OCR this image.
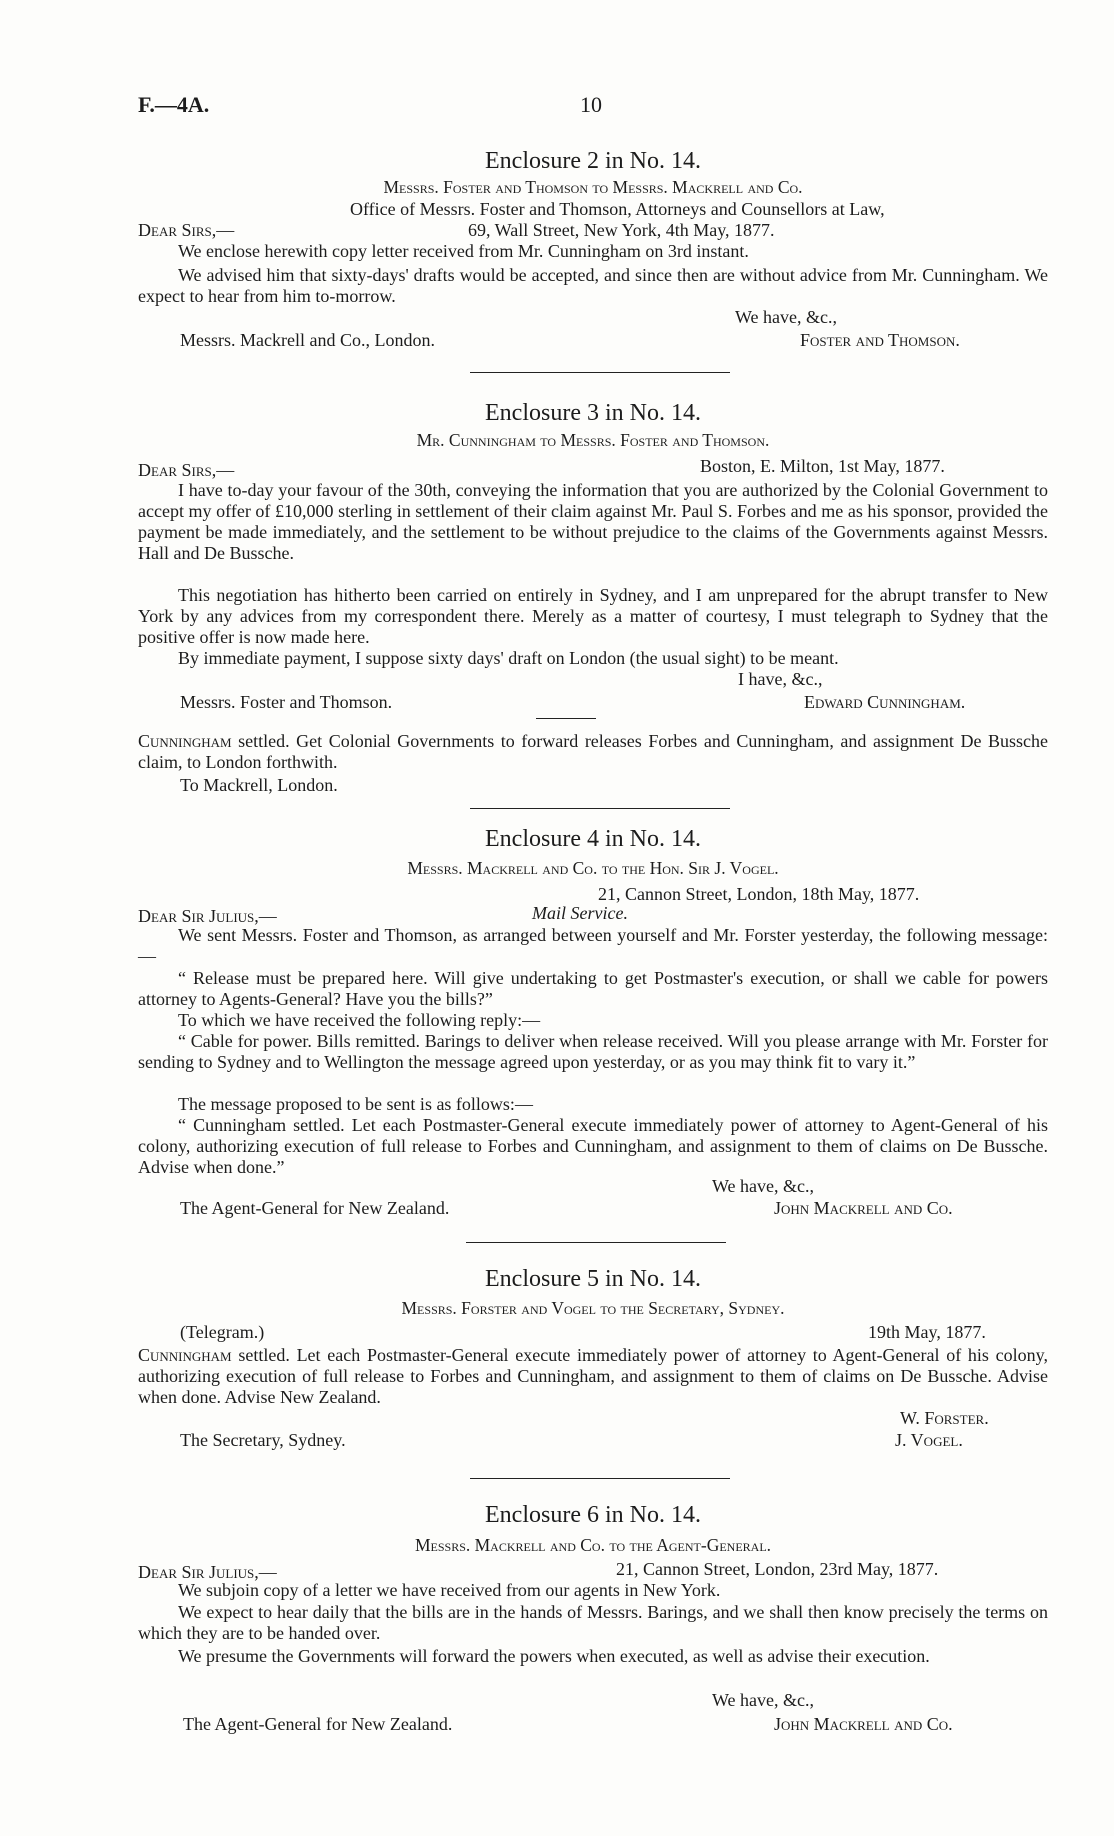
F.—4A.	10
Enclosure 2 in No. 14.
Messrs. Foster and Thomson to Messrs. Mackrell and Co.
Office of Messrs. Foster and Thomson, Attorneys and Counsellors at Law,
Dear Sirs,—	69, Wall Street, New York, 4th May, 1877.
We enclose herewith copy letter received from Mr. Cunningham on 3rd instant.
We advised him that sixty-days' drafts would be accepted, and since then are without advice from Mr. Cunningham. We expect to hear from him to-morrow.
We have, &c.,
Messrs. Mackrell and Co., London.	Foster and Thomson.
Enclosure 3 in No. 14.
Mr. Cunningham to Messrs. Foster and Thomson.
Dear Sirs,—	Boston, E. Milton, 1st May, 1877.
I have to-day your favour of the 30th, conveying the information that you are authorized by the Colonial Government to accept my offer of £10,000 sterling in settlement of their claim against Mr. Paul S. Forbes and me as his sponsor, provided the payment be made immediately, and the settlement to be without prejudice to the claims of the Governments against Messrs. Hall and De Bussche.
This negotiation has hitherto been carried on entirely in Sydney, and I am unprepared for the abrupt transfer to New York by any advices from my correspondent there. Merely as a matter of courtesy, I must telegraph to Sydney that the positive offer is now made here.
By immediate payment, I suppose sixty days' draft on London (the usual sight) to be meant.
I have, &c.,
Messrs. Foster and Thomson.	Edward Cunningham.
Cunningham settled. Get Colonial Governments to forward releases Forbes and Cunningham, and assignment De Bussche claim, to London forthwith.
To Mackrell, London.
Enclosure 4 in No. 14.
Messrs. Mackrell and Co. to the Hon. Sir J. Vogel.
21, Cannon Street, London, 18th May, 1877.
Dear Sir Julius,—	Mail Service.
We sent Messrs. Foster and Thomson, as arranged between yourself and Mr. Forster yesterday, the following message:—
“ Release must be prepared here. Will give undertaking to get Postmaster's execution, or shall we cable for powers attorney to Agents-General? Have you the bills?”
To which we have received the following reply:—
“ Cable for power. Bills remitted. Barings to deliver when release received. Will you please arrange with Mr. Forster for sending to Sydney and to Wellington the message agreed upon yesterday, or as you may think fit to vary it.”
The message proposed to be sent is as follows:—
“ Cunningham settled. Let each Postmaster-General execute immediately power of attorney to Agent-General of his colony, authorizing execution of full release to Forbes and Cunningham, and assignment to them of claims on De Bussche. Advise when done.”
We have, &c.,
The Agent-General for New Zealand.	John Mackrell and Co.
Enclosure 5 in No. 14.
Messrs. Forster and Vogel to the Secretary, Sydney.
(Telegram.)	19th May, 1877.
Cunningham settled. Let each Postmaster-General execute immediately power of attorney to Agent-General of his colony, authorizing execution of full release to Forbes and Cunningham, and assignment to them of claims on De Bussche. Advise when done. Advise New Zealand.
W. Forster.
The Secretary, Sydney.	J. Vogel.
Enclosure 6 in No. 14.
Messrs. Mackrell and Co. to the Agent-General.
Dear Sir Julius,—	21, Cannon Street, London, 23rd May, 1877.
We subjoin copy of a letter we have received from our agents in New York.
We expect to hear daily that the bills are in the hands of Messrs. Barings, and we shall then know precisely the terms on which they are to be handed over.
We presume the Governments will forward the powers when executed, as well as advise their execution.
We have, &c.,
The Agent-General for New Zealand.	John Mackrell and Co.
